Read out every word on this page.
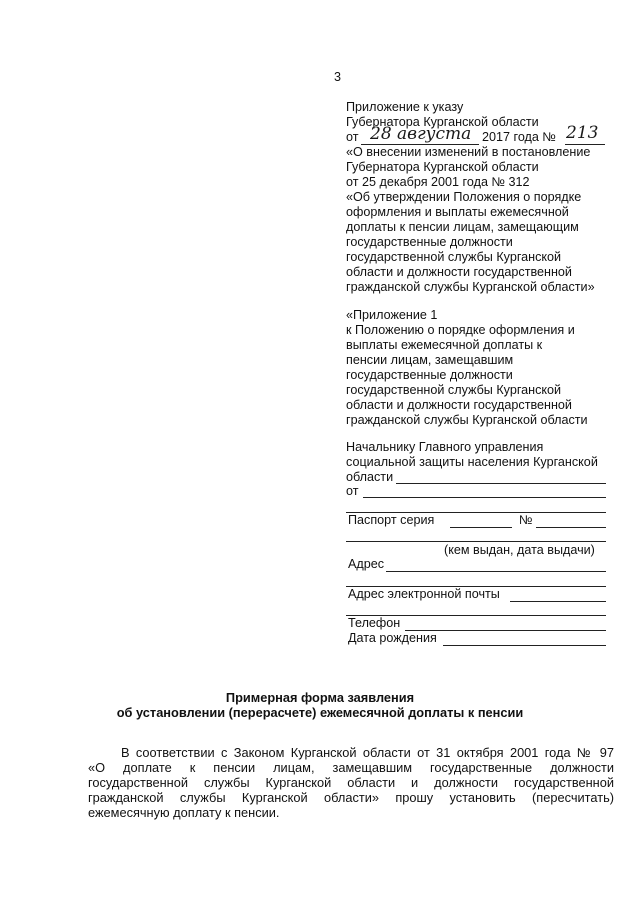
3
Приложение к указу
Губернатора Курганской области
от 28 августа 2017 года № 213
«О внесении изменений в постановление
Губернатора Курганской области
от 25 декабря 2001 года № 312
«Об утверждении Положения о порядке
оформления и выплаты ежемесячной
доплаты к пенсии лицам, замещающим
государственные должности
государственной службы Курганской
области и должности государственной
гражданской службы Курганской области»
«Приложение 1
к Положению о порядке оформления и
выплаты ежемесячной доплаты к
пенсии лицам, замещавшим
государственные должности
государственной службы Курганской
области и должности государственной
гражданской службы Курганской области
Начальнику Главного управления
социальной защиты населения Курганской
области
от
Паспорт серия	№
(кем выдан, дата выдачи)
Адрес
Адрес электронной почты
Телефон
Дата рождения
Примерная форма заявления
об установлении (перерасчете) ежемесячной доплаты к пенсии
В соответствии с Законом Курганской области от 31 октября 2001 года № 97
«О доплате к пенсии лицам, замещавшим государственные должности
государственной службы Курганской области и должности государственной
гражданской службы Курганской области» прошу установить (пересчитать)
ежемесячную доплату к пенсии.
